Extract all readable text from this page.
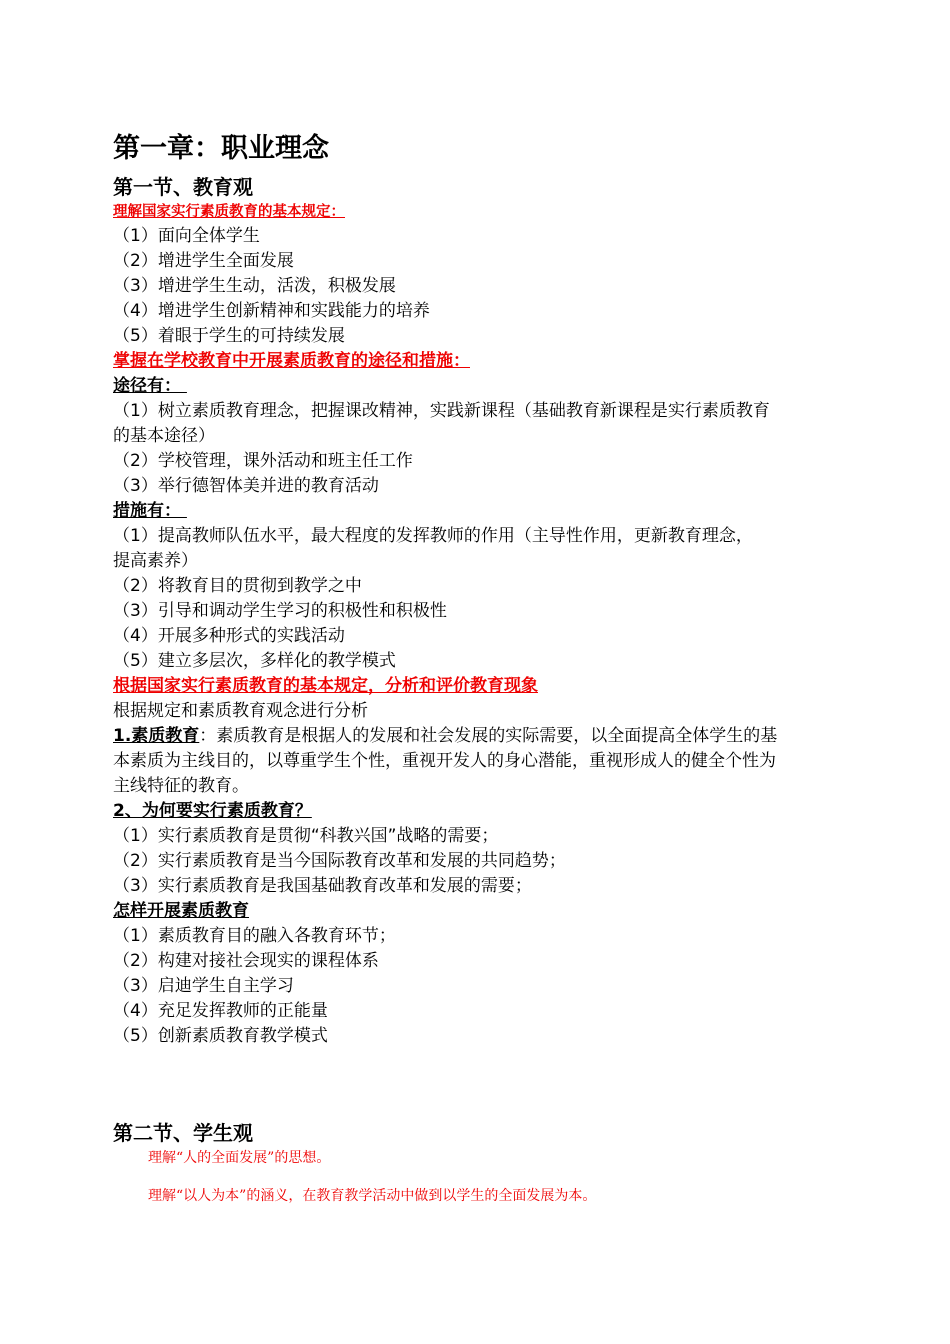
第一章：职业理念
第一节、教育观
理解国家实行素质教育的基本规定：
（1）面向全体学生
（2）增进学生全面发展
（3）增进学生生动，活泼，积极发展
（4）增进学生创新精神和实践能力的培养
（5）着眼于学生的可持续发展
掌握在学校教育中开展素质教育的途径和措施：
途径有：
（1）树立素质教育理念，把握课改精神，实践新课程（基础教育新课程是实行素质教育
的基本途径）
（2）学校管理，课外活动和班主任工作
（3）举行德智体美并进的教育活动
措施有：
（1）提高教师队伍水平，最大程度的发挥教师的作用（主导性作用，更新教育理念，
提高素养）
（2）将教育目的贯彻到教学之中
（3）引导和调动学生学习的积极性和积极性
（4）开展多种形式的实践活动
（5）建立多层次，多样化的教学模式
根据国家实行素质教育的基本规定，分析和评价教育现象
根据规定和素质教育观念进行分析
1.素质教育：素质教育是根据人的发展和社会发展的实际需要，以全面提高全体学生的基
本素质为主线目的，以尊重学生个性，重视开发人的身心潜能，重视形成人的健全个性为
主线特征的教育。
2、为何要实行素质教育？
（1）实行素质教育是贯彻“科教兴国”战略的需要；
（2）实行素质教育是当今国际教育改革和发展的共同趋势；
（3）实行素质教育是我国基础教育改革和发展的需要；
怎样开展素质教育
（1）素质教育目的融入各教育环节；
（2）构建对接社会现实的课程体系
（3）启迪学生自主学习
（4）充足发挥教师的正能量
（5）创新素质教育教学模式
第二节、学生观
理解“人的全面发展”的思想。
理解“以人为本”的涵义，在教育教学活动中做到以学生的全面发展为本。
